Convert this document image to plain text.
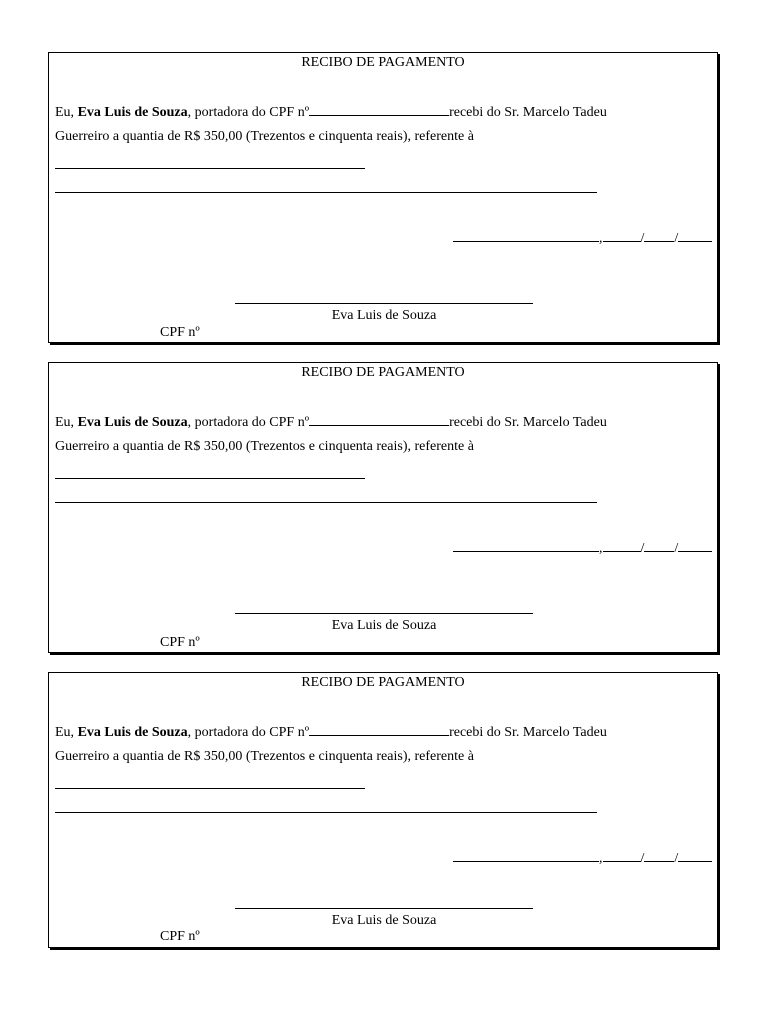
RECIBO DE PAGAMENTO
Eu, Eva Luis de Souza, portadora do CPF nº	recebi do Sr. Marcelo Tadeu
Guerreiro a quantia de R$ 350,00 (Trezentos e cinquenta reais), referente à
,	/ /
Eva Luis de Souza
CPF nº
RECIBO DE PAGAMENTO
Eu, Eva Luis de Souza, portadora do CPF nº	recebi do Sr. Marcelo Tadeu
Guerreiro a quantia de R$ 350,00 (Trezentos e cinquenta reais), referente à
,	/ /
Eva Luis de Souza
CPF nº
RECIBO DE PAGAMENTO
Eu, Eva Luis de Souza, portadora do CPF nº	recebi do Sr. Marcelo Tadeu
Guerreiro a quantia de R$ 350,00 (Trezentos e cinquenta reais), referente à
,	/ /
Eva Luis de Souza
CPF nº
